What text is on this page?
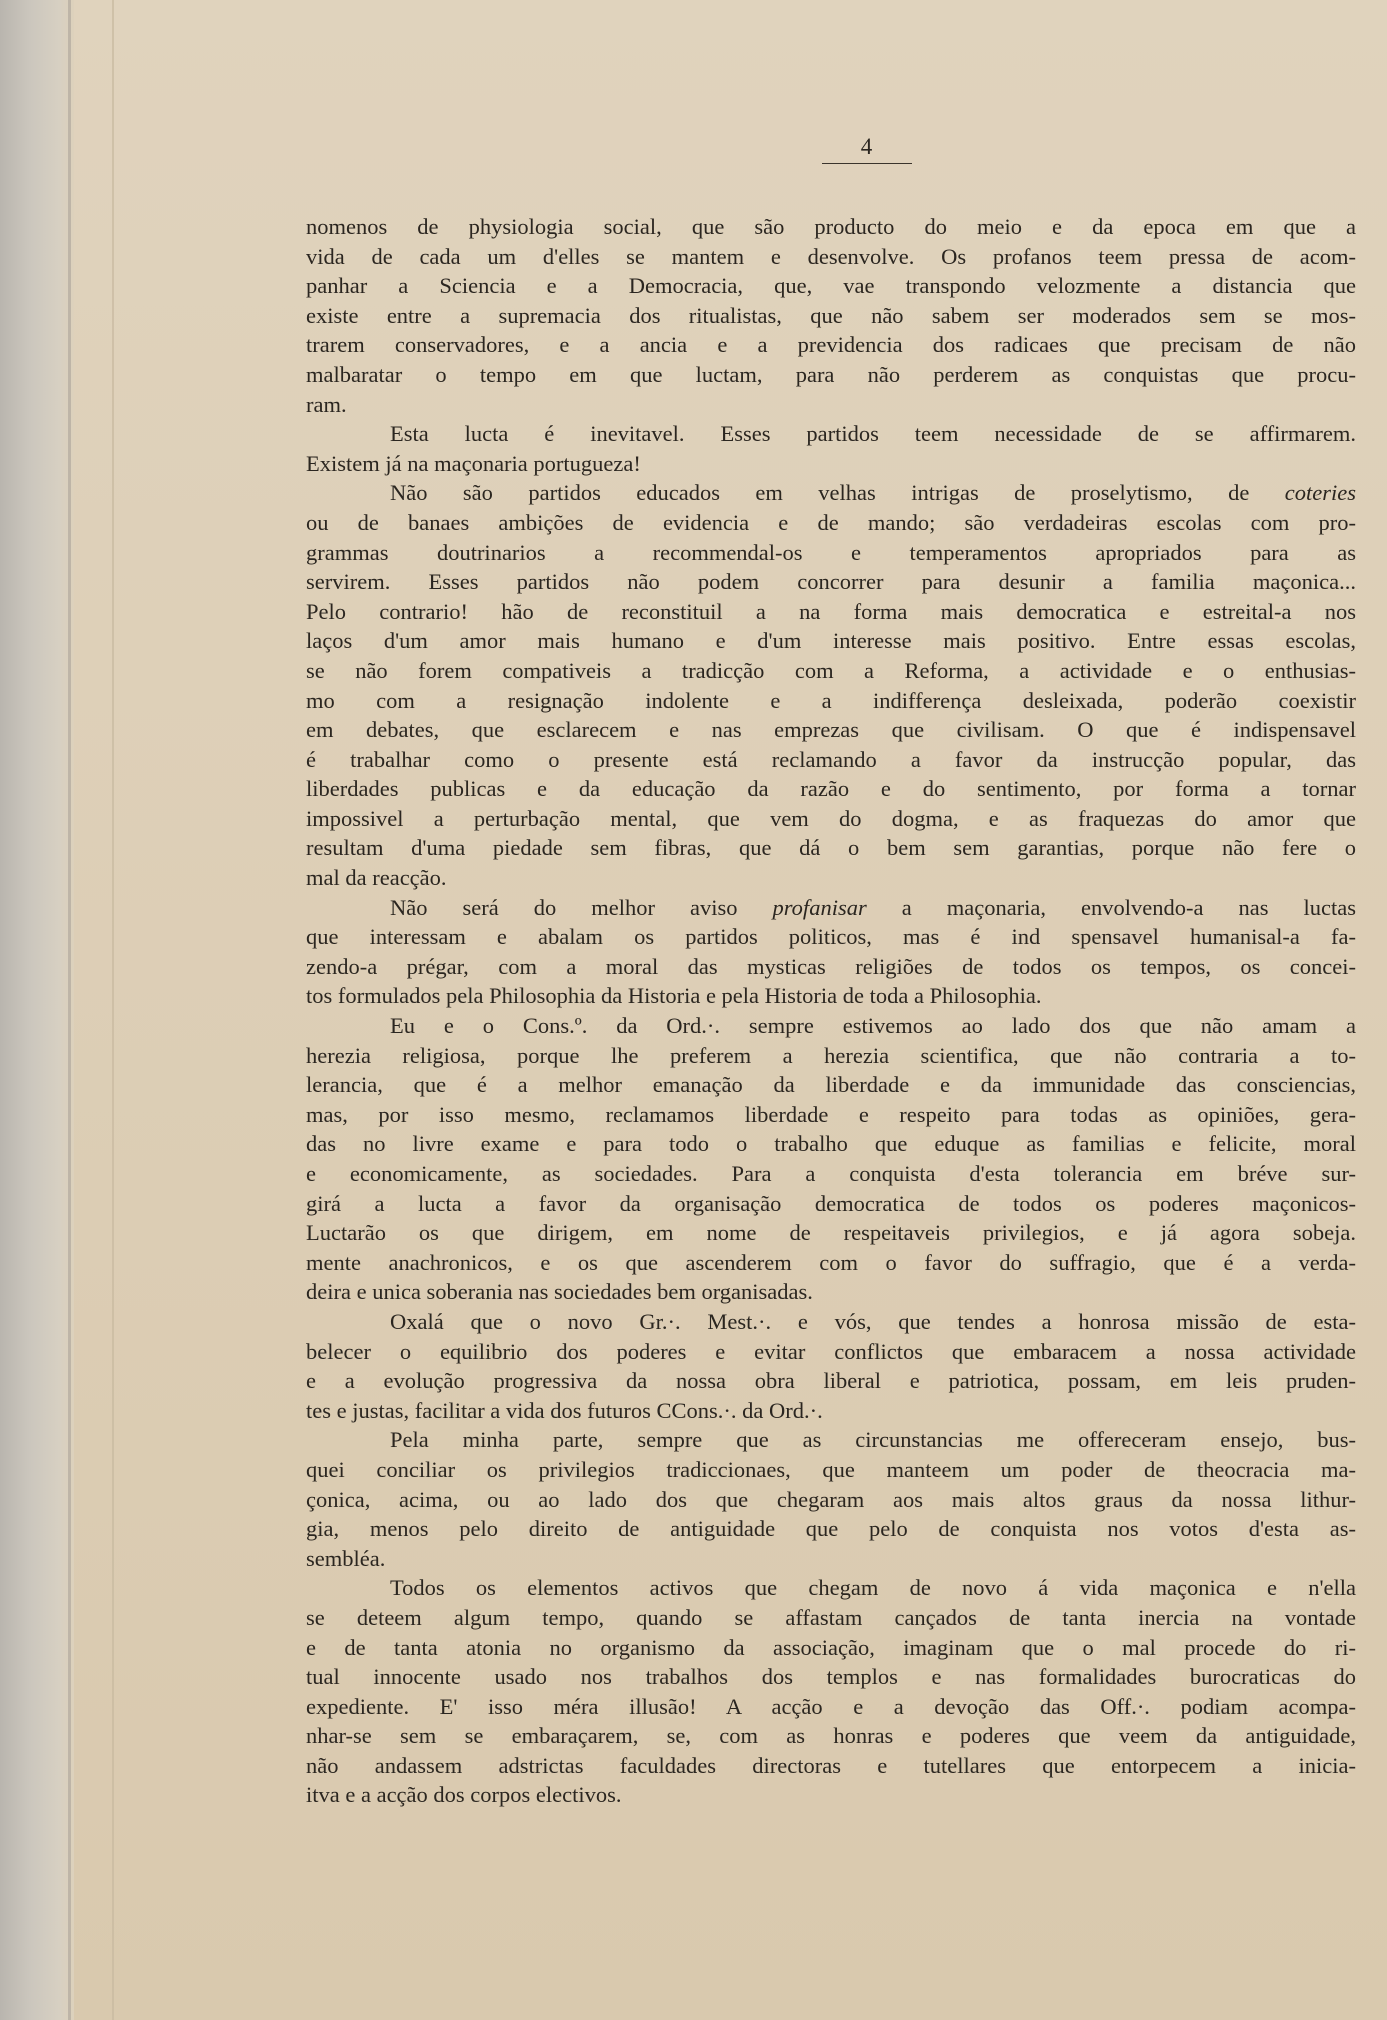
4
nomenos de physiologia social, que são producto do meio e da epoca em que a
vida de cada um d'elles se mantem e desenvolve. Os profanos teem pressa de acom-
panhar a Sciencia e a Democracia, que, vae transpondo velozmente a distancia que
existe entre a supremacia dos ritualistas, que não sabem ser moderados sem se mos-
trarem conservadores, e a ancia e a previdencia dos radicaes que precisam de não
malbaratar o tempo em que luctam, para não perderem as conquistas que procu-
ram.
Esta lucta é inevitavel. Esses partidos teem necessidade de se affirmarem.
Existem já na maçonaria portugueza!
Não são partidos educados em velhas intrigas de proselytismo, de coteries
ou de banaes ambições de evidencia e de mando; são verdadeiras escolas com pro-
grammas doutrinarios a recommendal-os e temperamentos apropriados para as
servirem. Esses partidos não podem concorrer para desunir a familia maçonica...
Pelo contrario! hão de reconstituil a na forma mais democratica e estreital-a nos
laços d'um amor mais humano e d'um interesse mais positivo. Entre essas escolas,
se não forem compativeis a tradicção com a Reforma, a actividade e o enthusias-
mo com a resignação indolente e a indifferença desleixada, poderão coexistir
em debates, que esclarecem e nas emprezas que civilisam. O que é indispensavel
é trabalhar como o presente está reclamando a favor da instrucção popular, das
liberdades publicas e da educação da razão e do sentimento, por forma a tornar
impossivel a perturbação mental, que vem do dogma, e as fraquezas do amor que
resultam d'uma piedade sem fibras, que dá o bem sem garantias, porque não fere o
mal da reacção.
Não será do melhor aviso profanisar a maçonaria, envolvendo-a nas luctas
que interessam e abalam os partidos politicos, mas é ind spensavel humanisal-a fa-
zendo-a prégar, com a moral das mysticas religiões de todos os tempos, os concei-
tos formulados pela Philosophia da Historia e pela Historia de toda a Philosophia.
Eu e o Cons.º. da Ord.·. sempre estivemos ao lado dos que não amam a
herezia religiosa, porque lhe preferem a herezia scientifica, que não contraria a to-
lerancia, que é a melhor emanação da liberdade e da immunidade das consciencias,
mas, por isso mesmo, reclamamos liberdade e respeito para todas as opiniões, gera-
das no livre exame e para todo o trabalho que eduque as familias e felicite, moral
e economicamente, as sociedades. Para a conquista d'esta tolerancia em bréve sur-
girá a lucta a favor da organisação democratica de todos os poderes maçonicos-
Luctarão os que dirigem, em nome de respeitaveis privilegios, e já agora sobeja.
mente anachronicos, e os que ascenderem com o favor do suffragio, que é a verda-
deira e unica soberania nas sociedades bem organisadas.
Oxalá que o novo Gr.·. Mest.·. e vós, que tendes a honrosa missão de esta-
belecer o equilibrio dos poderes e evitar conflictos que embaracem a nossa actividade
e a evolução progressiva da nossa obra liberal e patriotica, possam, em leis pruden-
tes e justas, facilitar a vida dos futuros CCons.·. da Ord.·.
Pela minha parte, sempre que as circunstancias me offereceram ensejo, bus-
quei conciliar os privilegios tradiccionaes, que manteem um poder de theocracia ma-
çonica, acima, ou ao lado dos que chegaram aos mais altos graus da nossa lithur-
gia, menos pelo direito de antiguidade que pelo de conquista nos votos d'esta as-
sembléa.
Todos os elementos activos que chegam de novo á vida maçonica e n'ella
se deteem algum tempo, quando se affastam cançados de tanta inercia na vontade
e de tanta atonia no organismo da associação, imaginam que o mal procede do ri-
tual innocente usado nos trabalhos dos templos e nas formalidades burocraticas do
expediente. E' isso méra illusão! A acção e a devoção das Off.·. podiam acompa-
nhar-se sem se embaraçarem, se, com as honras e poderes que veem da antiguidade,
não andassem adstrictas faculdades directoras e tutellares que entorpecem a inicia-
itva e a acção dos corpos electivos.
